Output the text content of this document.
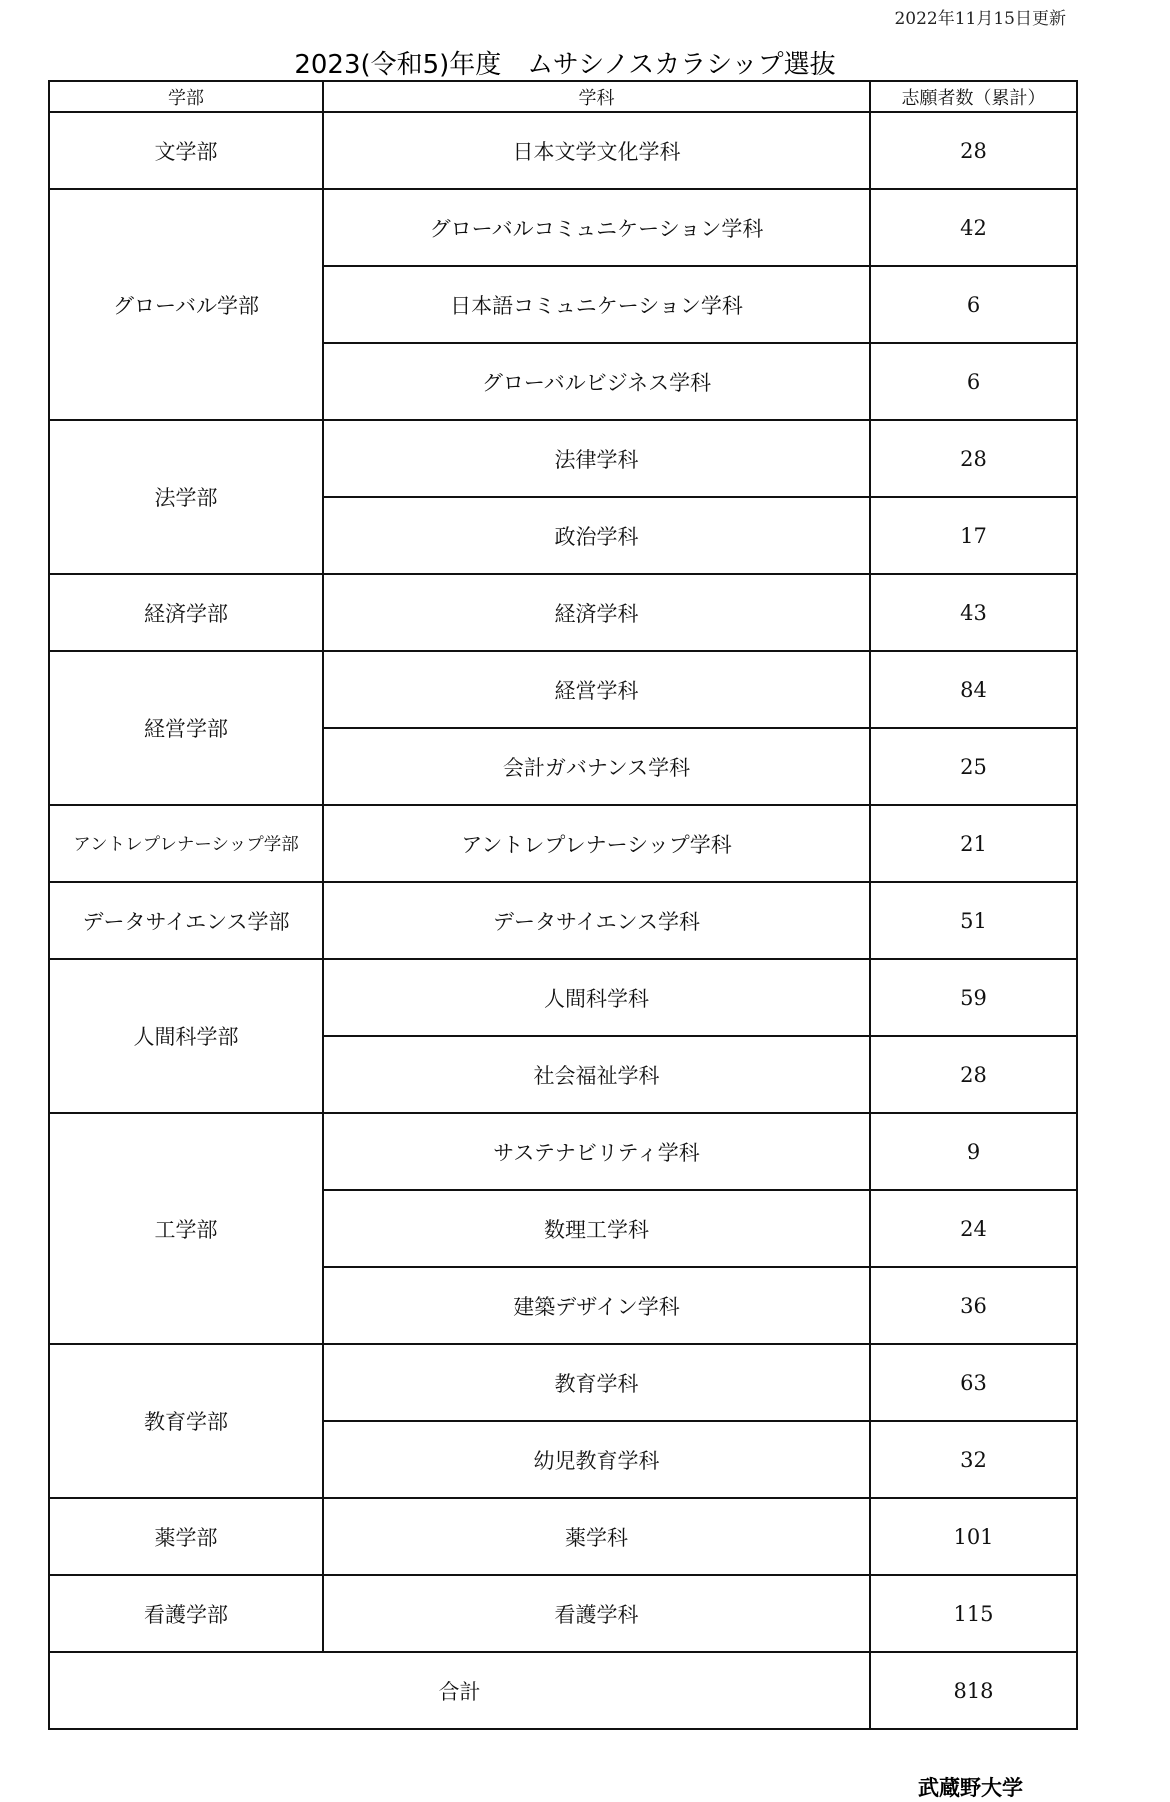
2022年11月15日更新
2023(令和5)年度　ムサシノスカラシップ選抜
学部	学科	志願者数（累計）
文学部	日本文学文化学科	28
グローバル学部	グローバルコミュニケーション学科	42
	日本語コミュニケーション学科	6
	グローバルビジネス学科	6
法学部	法律学科	28
	政治学科	17
経済学部	経済学科	43
経営学部	経営学科	84
	会計ガバナンス学科	25
アントレプレナーシップ学部	アントレプレナーシップ学科	21
データサイエンス学部	データサイエンス学科	51
人間科学部	人間科学科	59
	社会福祉学科	28
工学部	サステナビリティ学科	9
	数理工学科	24
	建築デザイン学科	36
教育学部	教育学科	63
	幼児教育学科	32
薬学部	薬学科	101
看護学部	看護学科	115
合計		818
武蔵野大学
